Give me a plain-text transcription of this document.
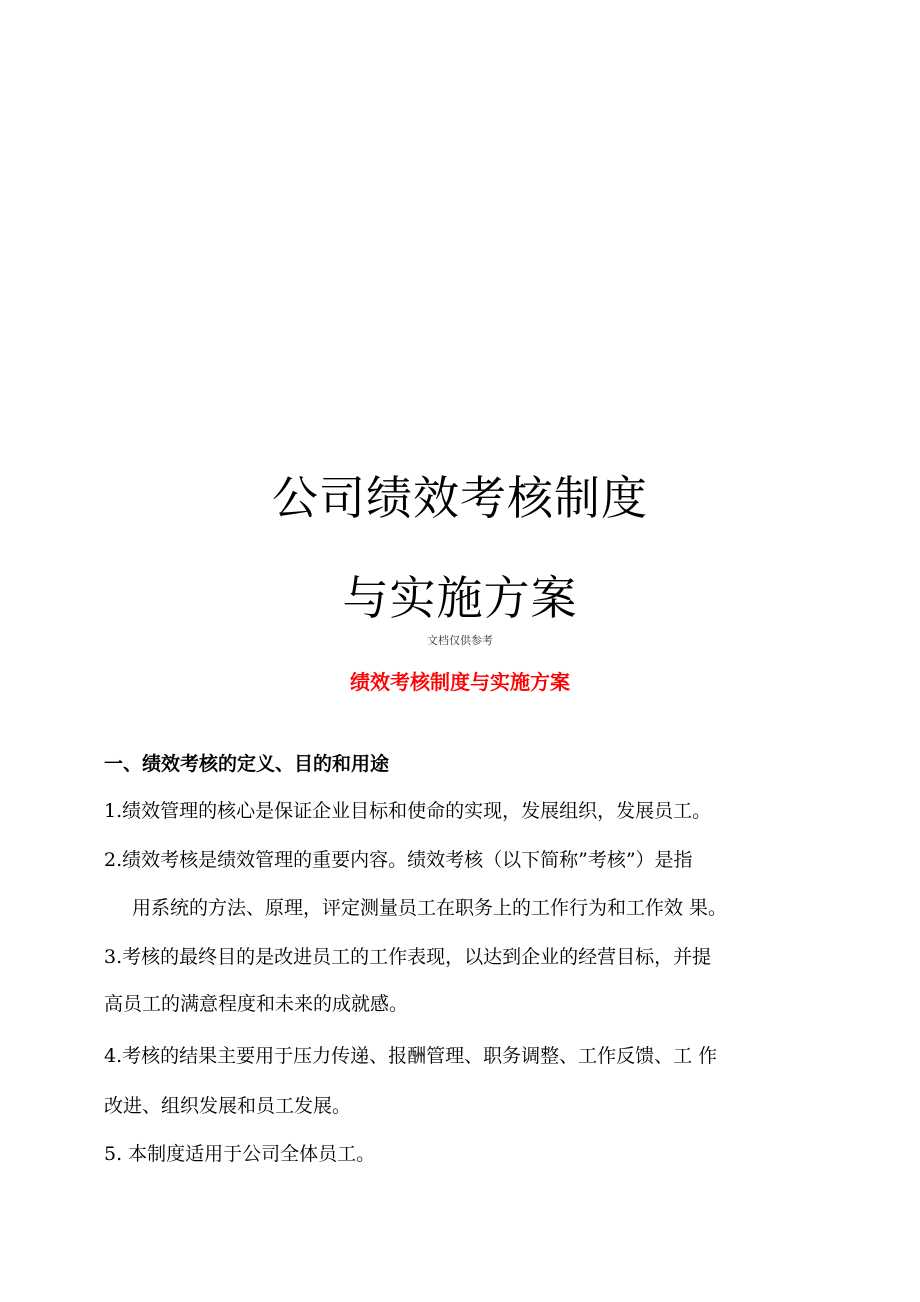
公司绩效考核制度
与实施方案
文档仅供参考
绩效考核制度与实施方案
一、绩效考核的定义、目的和用途

1.绩效管理的核心是保证企业目标和使命的实现，发展组织，发展员工。

2.绩效考核是绩效管理的重要内容。绩效考核（以下简称”考核”）是指

用系统的方法、原理，评定测量员工在职务上的工作行为和工作效 果。

3.考核的最终目的是改进员工的工作表现，以达到企业的经营目标，并提

高员工的满意程度和未来的成就感。

4.考核的结果主要用于压力传递、报酬管理、职务调整、工作反馈、工 作

改进、组织发展和员工发展。

5. 本制度适用于公司全体员工。
